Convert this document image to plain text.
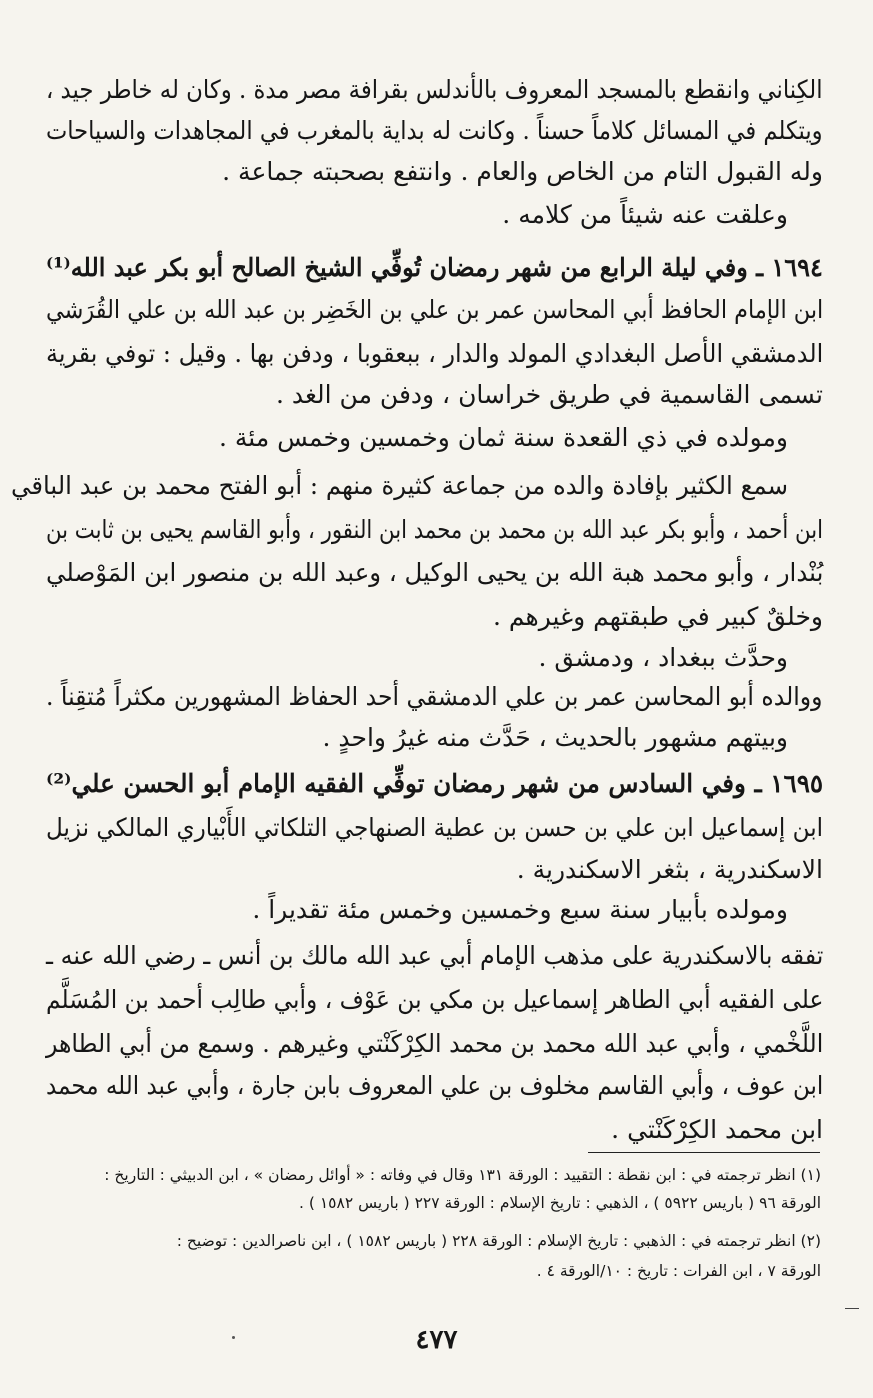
الكِناني وانقطع بالمسجد المعروف بالأندلس بقرافة مصر مدة . وكان له خاطر جيد ،
ويتكلم في المسائل كلاماً حسناً . وكانت له بداية بالمغرب في المجاهدات والسياحات
وله القبول التام من الخاص والعام . وانتفع بصحبته جماعة .
وعلقت عنه شيئاً من كلامه .
١٦٩٤ ـ وفي ليلة الرابع من شهر رمضان تُوفِّي الشيخ الصالح أبو بكر عبد الله⁽¹⁾
ابن الإمام الحافظ أبي المحاسن عمر بن علي بن الخَضِر بن عبد الله بن علي القُرَشي
الدمشقي الأصل البغدادي المولد والدار ، ببعقوبا ، ودفن بها . وقيل : توفي بقرية
تسمى القاسمية في طريق خراسان ، ودفن من الغد .
ومولده في ذي القعدة سنة ثمان وخمسين وخمس مئة .
سمع الكثير بإفادة والده من جماعة كثيرة منهم : أبو الفتح محمد بن عبد الباقي
ابن أحمد ، وأبو بكر عبد الله بن محمد بن محمد ابن النقور ، وأبو القاسم يحيى بن ثابت بن
بُنْدار ، وأبو محمد هبة الله بن يحيى الوكيل ، وعبد الله بن منصور ابن المَوْصلي
وخلقٌ كبير في طبقتهم وغيرهم .
وحدَّث ببغداد ، ودمشق .
ووالده أبو المحاسن عمر بن علي الدمشقي أحد الحفاظ المشهورين مكثراً مُتقِناً .
وبيتهم مشهور بالحديث ، حَدَّث منه غيرُ واحدٍ .
١٦٩٥ ـ وفي السادس من شهر رمضان توفِّي الفقيه الإمام أبو الحسن علي⁽²⁾
ابن إسماعيل ابن علي بن حسن بن عطية الصنهاجي التلكاتي الأَبْياري المالكي نزيل
الاسكندرية ، بثغر الاسكندرية .
ومولده بأبيار سنة سبع وخمسين وخمس مئة تقديراً .
تفقه بالاسكندرية على مذهب الإمام أبي عبد الله مالك بن أنس ـ رضي الله عنه ـ
على الفقيه أبي الطاهر إسماعيل بن مكي بن عَوْف ، وأبي طالِب أحمد بن المُسَلَّم
اللَّخْمي ، وأبي عبد الله محمد بن محمد الكِرْكَنْتي وغيرهم . وسمع من أبي الطاهر
ابن عوف ، وأبي القاسم مخلوف بن علي المعروف بابن جارة ، وأبي عبد الله محمد
ابن محمد الكِرْكَنْتي .
(١) انظر ترجمته في : ابن نقطة : التقييد : الورقة ١٣١ وقال في وفاته : « أوائل رمضان » ، ابن الدبيثي : التاريخ :
الورقة ٩٦ ( باريس ٥٩٢٢ ) ، الذهبي : تاريخ الإسلام : الورقة ٢٢٧ ( باريس ١٥٨٢ ) .
(٢) انظر ترجمته في : الذهبي : تاريخ الإسلام : الورقة ٢٢٨ ( باريس ١٥٨٢ ) ، ابن ناصرالدين : توضيح :
الورقة ٧ ، ابن الفرات : تاريخ : ١٠/الورقة ٤ .
٤٧٧
